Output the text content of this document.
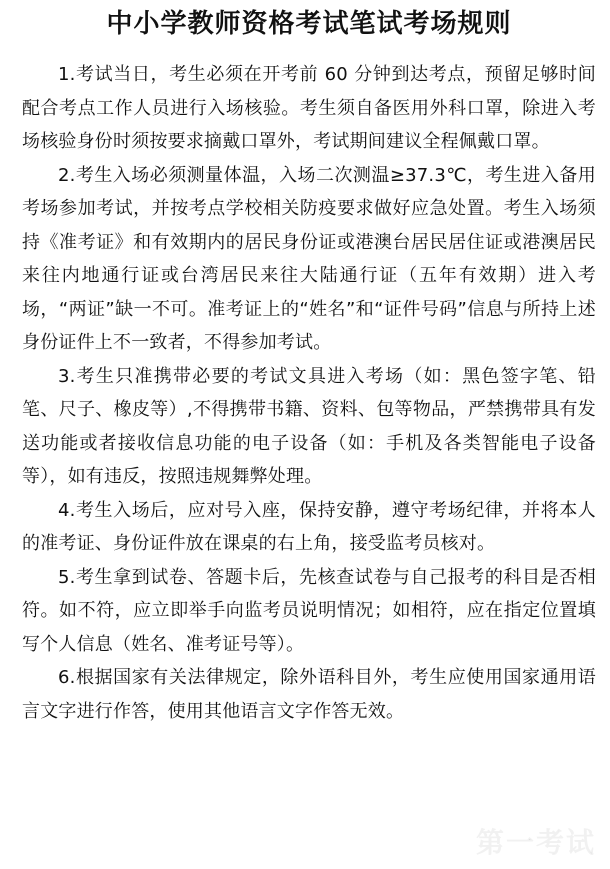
中小学教师资格考试笔试考场规则

1.考试当日，考生必须在开考前 60 分钟到达考点，预留足够时间配合考点工作人员进行入场核验。考生须自备医用外科口罩，除进入考场核验身份时须按要求摘戴口罩外，考试期间建议全程佩戴口罩。

2.考生入场必须测量体温，入场二次测温≥37.3℃，考生进入备用考场参加考试，并按考点学校相关防疫要求做好应急处置。考生入场须持《准考证》和有效期内的居民身份证或港澳台居民居住证或港澳居民来往内地通行证或台湾居民来往大陆通行证（五年有效期）进入考场，“两证”缺一不可。准考证上的“姓名”和“证件号码”信息与所持上述身份证件上不一致者，不得参加考试。

3.考生只准携带必要的考试文具进入考场（如：黑色签字笔、铅笔、尺子、橡皮等）,不得携带书籍、资料、包等物品，严禁携带具有发送功能或者接收信息功能的电子设备（如：手机及各类智能电子设备等），如有违反，按照违规舞弊处理。

4.考生入场后，应对号入座，保持安静，遵守考场纪律，并将本人的准考证、身份证件放在课桌的右上角，接受监考员核对。

5.考生拿到试卷、答题卡后，先核查试卷与自己报考的科目是否相符。如不符，应立即举手向监考员说明情况；如相符，应在指定位置填写个人信息（姓名、准考证号等）。

6.根据国家有关法律规定，除外语科目外，考生应使用国家通用语言文字进行作答，使用其他语言文字作答无效。

第一考试
